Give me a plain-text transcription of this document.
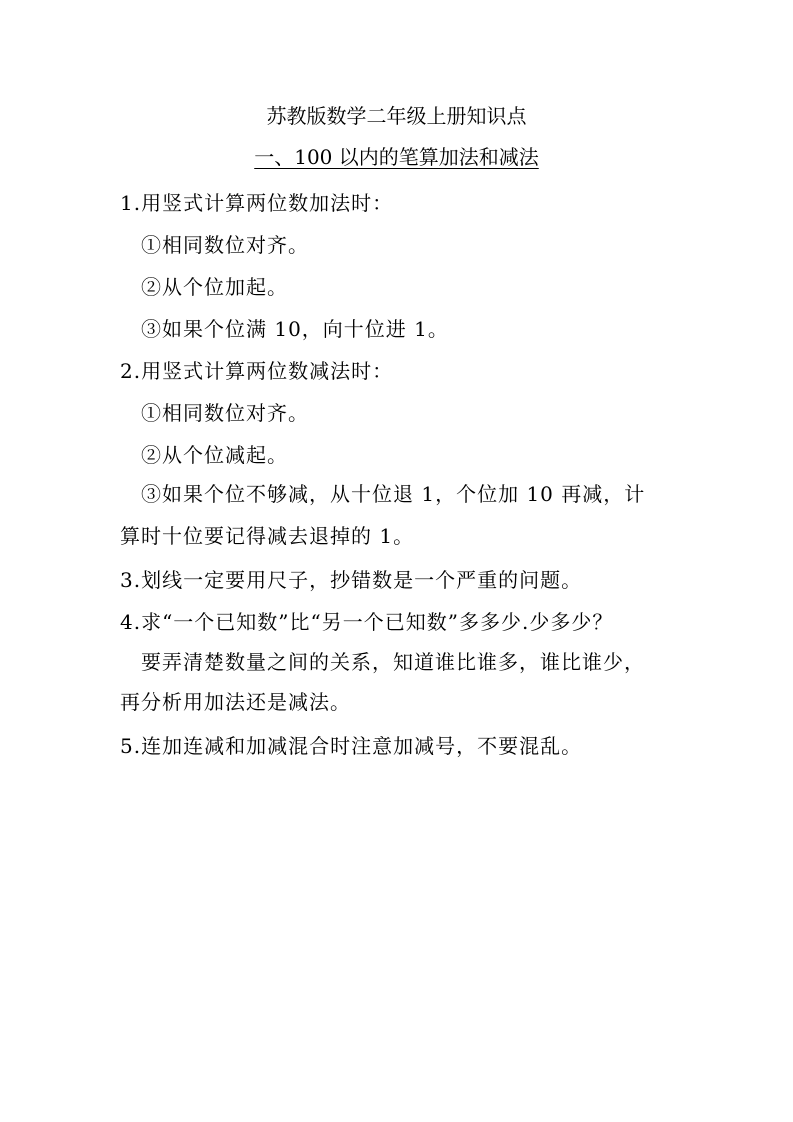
苏教版数学二年级上册知识点
一、100 以内的笔算加法和减法
1.用竖式计算两位数加法时：
①相同数位对齐。
②从个位加起。
③如果个位满 10，向十位进 1。
2.用竖式计算两位数减法时：
①相同数位对齐。
②从个位减起。
③如果个位不够减，从十位退 1，个位加 10 再减，计
算时十位要记得减去退掉的 1。
3.划线一定要用尺子，抄错数是一个严重的问题。
4.求“一个已知数”比“另一个已知数”多多少.少多少？
要弄清楚数量之间的关系，知道谁比谁多，谁比谁少，
再分析用加法还是减法。
5.连加连减和加减混合时注意加减号，不要混乱。
